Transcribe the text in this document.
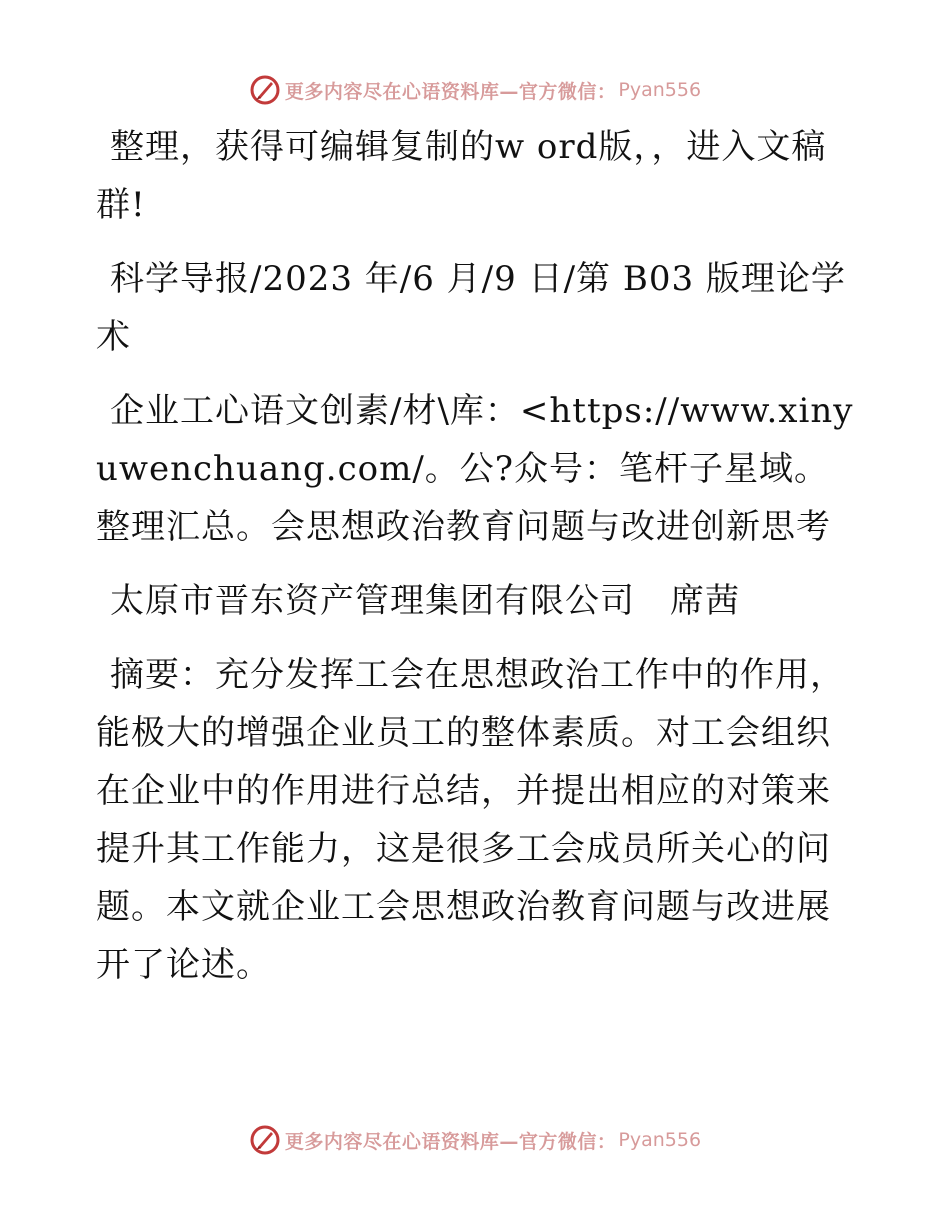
更多内容尽在心语资料库—官方微信： Pyan556

整理，获得可编辑复制的w ord版，，进入文稿群!

科学导报/2023 年/6 月/9 日/第 B03 版理论学术

企业工心语文创素/材\库：<https://www.xinyuwenchuang.com/。公?众号：笔杆子星域。整理汇总。会思想政治教育问题与改进创新思考

太原市晋东资产管理集团有限公司　席茜

摘要：充分发挥工会在思想政治工作中的作用，能极大的增强企业员工的整体素质。对工会组织在企业中的作用进行总结，并提出相应的对策来提升其工作能力，这是很多工会成员所关心的问题。本文就企业工会思想政治教育问题与改进展开了论述。

更多内容尽在心语资料库—官方微信： Pyan556
